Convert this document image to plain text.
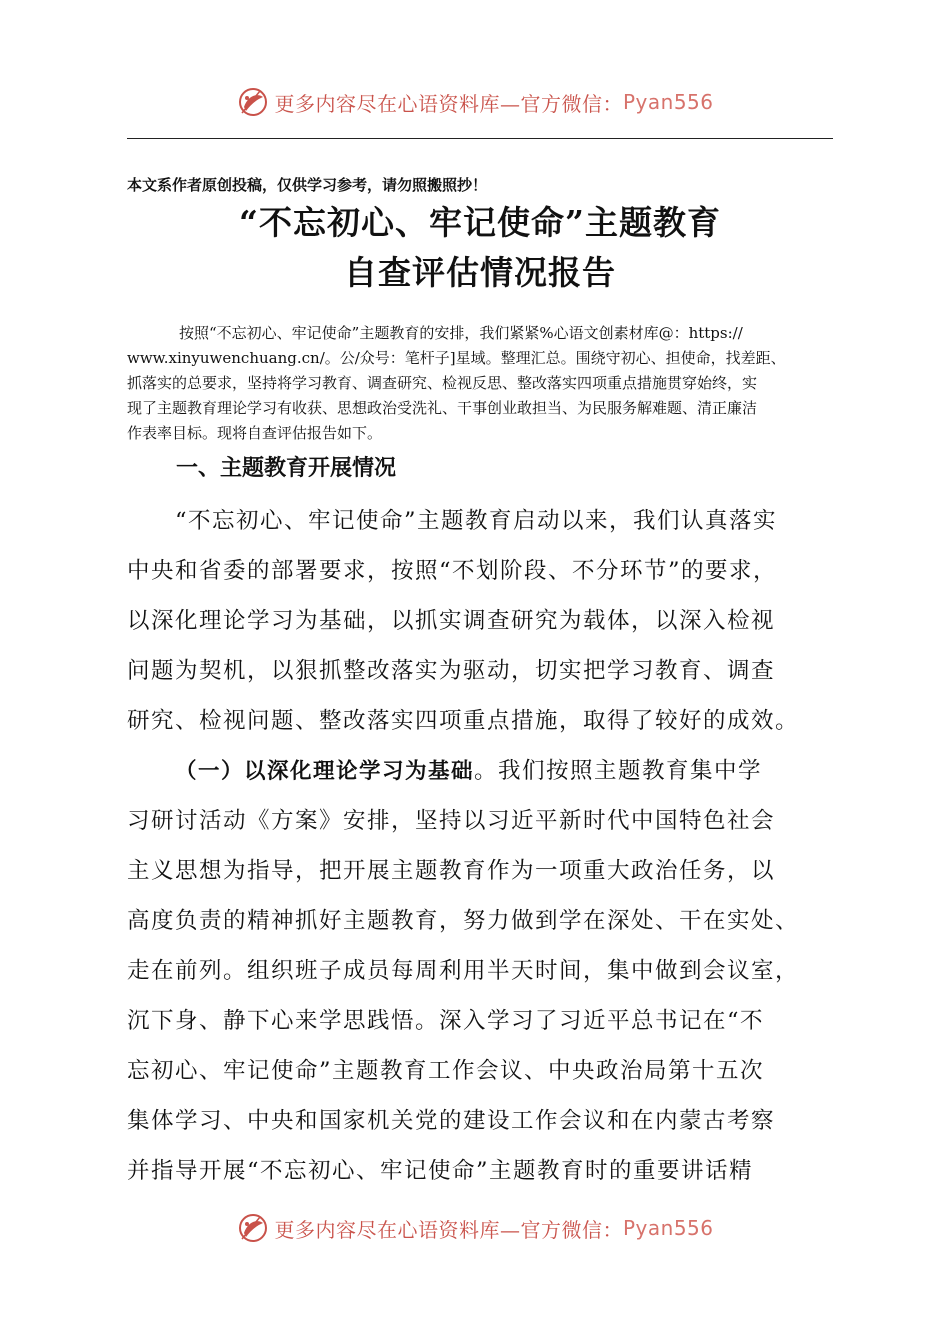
更多内容尽在心语资料库—官方微信： Pyan556
本文系作者原创投稿，仅供学习参考，请勿照搬照抄！
“不忘初心、牢记使命”主题教育
自查评估情况报告
按照“不忘初心、牢记使命”主题教育的安排，我们紧紧%心语文创素材库@：https://
www.xinyuwenchuang.cn/。公/众号：笔杆子]星域。整理汇总。围绕守初心、担使命，找差距、
抓落实的总要求，坚持将学习教育、调查研究、检视反思、整改落实四项重点措施贯穿始终，实
现了主题教育理论学习有收获、思想政治受洗礼、干事创业敢担当、为民服务解难题、清正廉洁
作表率目标。现将自查评估报告如下。
一、主题教育开展情况
“不忘初心、牢记使命”主题教育启动以来，我们认真落实
中央和省委的部署要求，按照“不划阶段、不分环节”的要求，
以深化理论学习为基础，以抓实调查研究为载体，以深入检视
问题为契机，以狠抓整改落实为驱动，切实把学习教育、调查
研究、检视问题、整改落实四项重点措施，取得了较好的成效。
（一）以深化理论学习为基础。我们按照主题教育集中学
习研讨活动《方案》安排，坚持以习近平新时代中国特色社会
主义思想为指导，把开展主题教育作为一项重大政治任务，以
高度负责的精神抓好主题教育，努力做到学在深处、干在实处、
走在前列。组织班子成员每周利用半天时间，集中做到会议室，
沉下身、静下心来学思践悟。深入学习了习近平总书记在“不
忘初心、牢记使命”主题教育工作会议、中央政治局第十五次
集体学习、中央和国家机关党的建设工作会议和在内蒙古考察
并指导开展“不忘初心、牢记使命”主题教育时的重要讲话精
更多内容尽在心语资料库—官方微信： Pyan556
